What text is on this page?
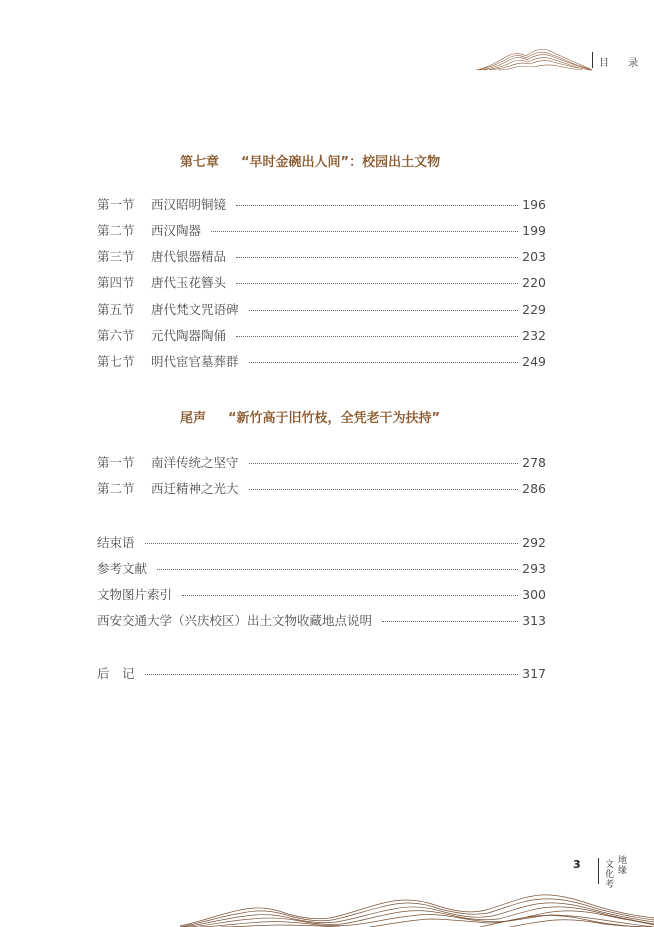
目 录
第七章 “早时金碗出人间”：校园出土文物
第一节	西汉昭明铜镜	196
第二节	西汉陶器	199
第三节	唐代银器精品	203
第四节	唐代玉花簪头	220
第五节	唐代梵文咒语碑	229
第六节	元代陶器陶俑	232
第七节	明代宦官墓葬群	249
尾声 “新竹高于旧竹枝，全凭老干为扶持”
第一节	南洋传统之坚守	278
第二节	西迁精神之光大	286
结束语	292
参考文献	293
文物图片索引	300
西安交通大学（兴庆校区）出土文物收藏地点说明	313
后　记	317
3	文化考
地缘
